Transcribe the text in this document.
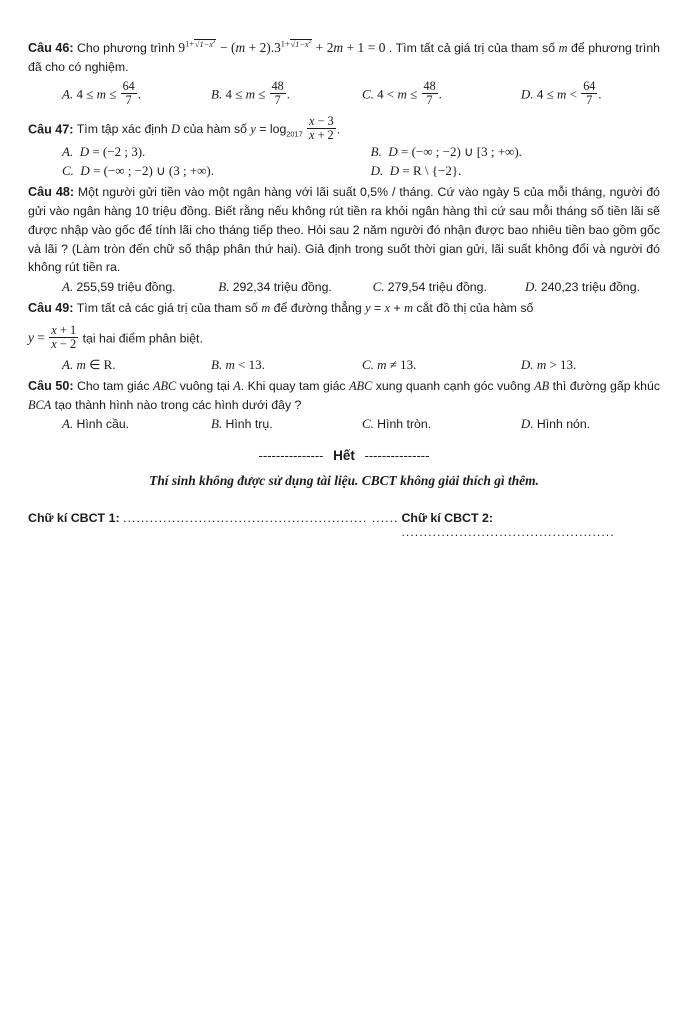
Câu 46: Cho phương trình $9^{1+√1-x^2} - (m + 2).3^{1+√1-x^2} + 2m + 1 = 0$ . Tìm tất cả giá trị của tham số m để phương trình đã cho có nghiệm.
A. $4 \le m \le \frac{64}{7}$ .	B. $4 \le m \le \frac{48}{7}$ .	C. $4 < m \le \frac{48}{7}$ .	D. $4 \le m < \frac{64}{7}$ .
Câu 47: Tìm tập xác định D của hàm số $y = \log_{2017} \frac{x - 3}{x + 2}$ .
A. D = (−2 ; 3).	B. D = (−∞ ; −2) ∪ [3 ; +∞).
C. D = (−∞ ; −2) ∪ (3 ; +∞).	D. D = R \ {−2}.
Câu 48: Một người gửi tiền vào một ngân hàng với lãi suất 0,5% / tháng. Cứ vào ngày 5 của mỗi tháng, người đó gửi vào ngân hàng 10 triệu đồng. Biết rằng nếu không rút tiền ra khỏi ngân hàng thì cứ sau mỗi tháng số tiền lãi sẽ được nhập vào gốc để tính lãi cho tháng tiếp theo. Hỏi sau 2 năm người đó nhận được bao nhiêu tiền bao gồm gốc và lãi ? (Làm tròn đến chữ số thập phân thứ hai). Giả định trong suốt thời gian gửi, lãi suất không đổi và người đó không rút tiền ra.
A. 255,59 triệu đồng.	B. 292,34 triệu đồng.	C. 279,54 triệu đồng.	D. 240,23 triệu đồng.
Câu 49: Tìm tất cả các giá trị của tham số m để đường thẳng y = x + m cắt đồ thị của hàm số
$y = \frac{x + 1}{x - 2}$ tại hai điểm phân biệt.
A. m ∈ R.	B. m < 13.	C. m ≠ 13.	D. m > 13.
Câu 50: Cho tam giác ABC vuông tại A. Khi quay tam giác ABC xung quanh cạnh góc vuông AB thì đường gấp khúc BCA tạo thành hình nào trong các hình dưới đây ?
A. Hình cầu.	B. Hình trụ.	C. Hình tròn.	D. Hình nón.
--------------- Hết ---------------
Thí sinh không được sử dụng tài liệu. CBCT không giải thích gì thêm.
Chữ kí CBCT 1: ....................................................... ...... Chữ kí CBCT 2: ................................................
